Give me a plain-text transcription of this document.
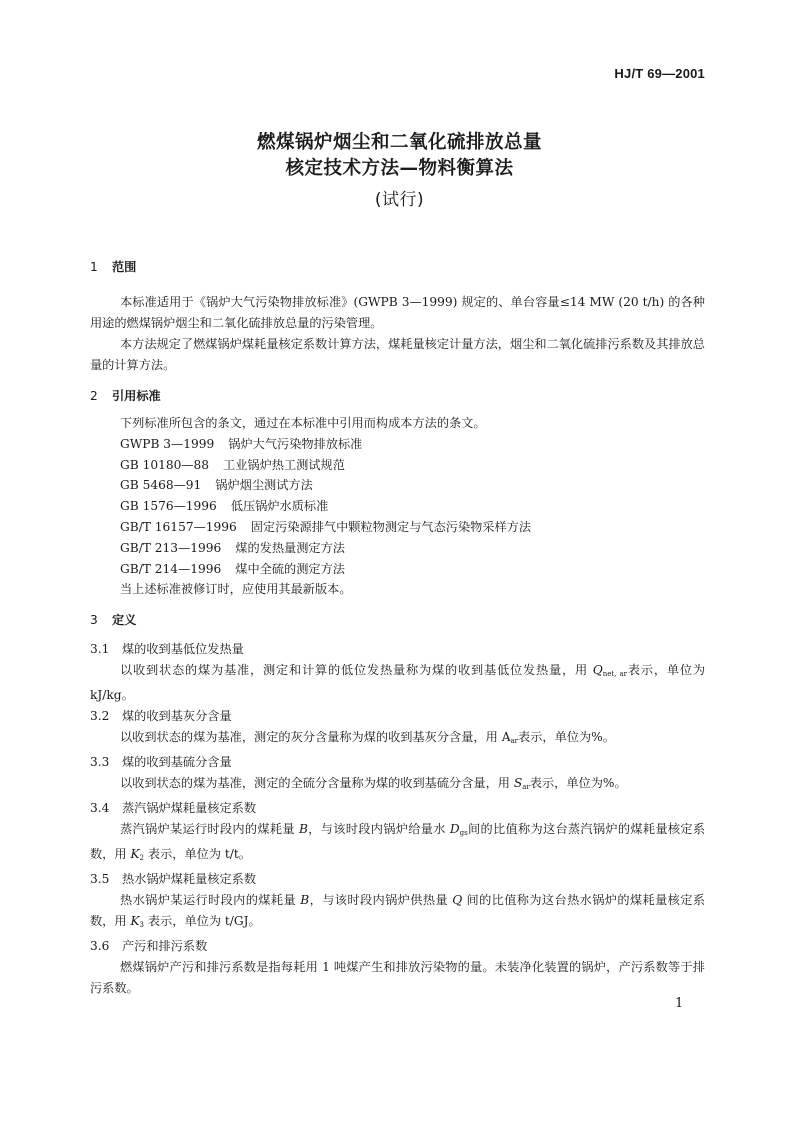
HJ/T 69—2001
燃煤锅炉烟尘和二氧化硫排放总量
核定技术方法—物料衡算法
(试行)
1 范围

本标准适用于《锅炉大气污染物排放标准》(GWPB 3—1999) 规定的、单台容量≤14 MW (20 t/h) 的各种用途的燃煤锅炉烟尘和二氧化硫排放总量的污染管理。

本方法规定了燃煤锅炉煤耗量核定系数计算方法，煤耗量核定计量方法，烟尘和二氧化硫排污系数及其排放总量的计算方法。

2 引用标准

下列标准所包含的条文，通过在本标准中引用而构成本方法的条文。

GWPB 3—1999 锅炉大气污染物排放标准

GB 10180—88 工业锅炉热工测试规范

GB 5468—91 锅炉烟尘测试方法

GB 1576—1996 低压锅炉水质标准

GB/T 16157—1996 固定污染源排气中颗粒物测定与气态污染物采样方法

GB/T 213—1996 煤的发热量测定方法

GB/T 214—1996 煤中全硫的测定方法

当上述标准被修订时，应使用其最新版本。

3 定义
3.1 煤的收到基低位发热量

以收到状态的煤为基准，测定和计算的低位发热量称为煤的收到基低位发热量，用 Qnet, ar表示，单位为 kJ/kg。

3.2 煤的收到基灰分含量

以收到状态的煤为基准，测定的灰分含量称为煤的收到基灰分含量，用 Aar表示，单位为%。

3.3 煤的收到基硫分含量

以收到状态的煤为基准，测定的全硫分含量称为煤的收到基硫分含量，用 Sar表示，单位为%。

3.4 蒸汽锅炉煤耗量核定系数

蒸汽锅炉某运行时段内的煤耗量 B，与该时段内锅炉给量水 Dgs间的比值称为这台蒸汽锅炉的煤耗量核定系数，用 K2 表示，单位为 t/t。

3.5 热水锅炉煤耗量核定系数

热水锅炉某运行时段内的煤耗量 B，与该时段内锅炉供热量 Q 间的比值称为这台热水锅炉的煤耗量核定系数，用 K3 表示，单位为 t/GJ。

3.6 产污和排污系数

燃煤锅炉产污和排污系数是指每耗用 1 吨煤产生和排放污染物的量。未装净化装置的锅炉，产污系数等于排污系数。

1
